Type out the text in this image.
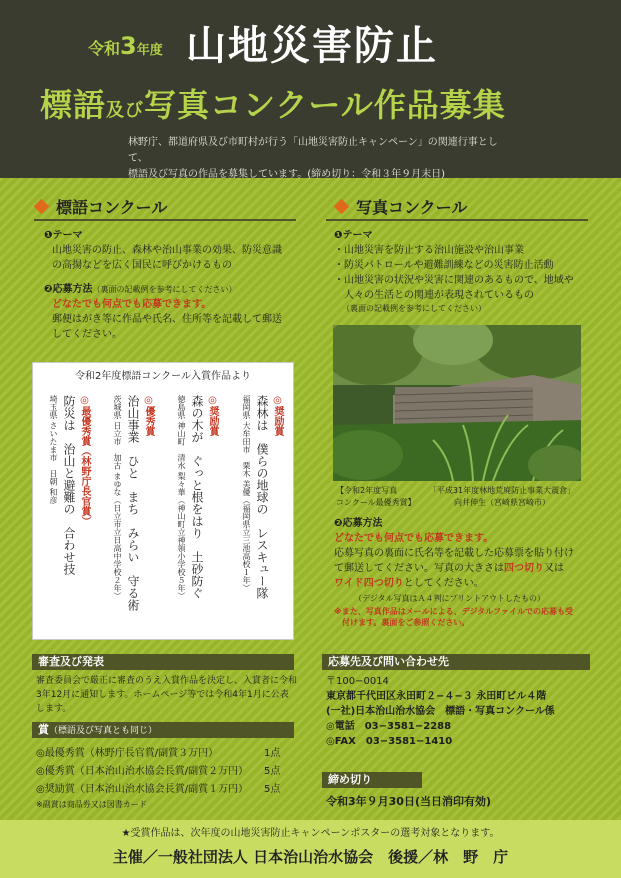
令和3年度 山地災害防止
標語及び写真コンクール作品募集
林野庁、都道府県及び市町村が行う「山地災害防止キャンペーン」の関連行事として、
標語及び写真の作品を募集しています。(締め切り：令和３年９月末日)
標語コンクール
❶テーマ
山地災害の防止、森林や治山事業の効果、防災意識
の高揚などを広く国民に呼びかけるもの
❷応募方法（裏面の記載例を参考にしてください）
どなたでも何点でも応募できます。
郵便はがき等に作品や氏名、住所等を記載して郵送
してください。
令和2年度標語コンクール入賞作品より
◎奨励賞
森林は　僕らの地球の　レスキュー隊
福岡県 大牟田市　栗木 美優（福岡県立三池高校１年）
◎奨励賞
森の木が　ぐっと根をはり　土砂防ぐ
徳島県 神山町　清水 梨々華（神山町立神領小学校５年）
◎優秀賞
治山事業　ひと　まち　みらい　守る術
茨城県 日立市　加古 まゆな（日立市立日高中学校２年）
◎最優秀賞（林野庁長官賞）
防災は　治山と避難の　合わせ技
埼玉県 さいたま市　日朝 和彦
写真コンクール
❶テーマ
・山地災害を防止する治山施設や治山事業
・防災パトロールや避難訓練などの災害防止活動
・山地災害の状況や災害に関連のあるもので、地域や
　人々の生活との関連が表現されているもの
（裏面の記載例を参考にしてください）
【令和2年度写真
コンクール最優秀賞】
「平成31年度林地荒廃防止事業大震倉」
向井伸生（宮崎県宮崎市）
❷応募方法
どなたでも何点でも応募できます。
応募写真の裏面に氏名等を記載した応募票を貼り付け
て郵送してください。写真の大きさは四つ切り又は
ワイド四つ切りとしてください。
（デジタル写真はＡ４判にプリントアウトしたもの）
※また、写真作品はメールによる、デジタルファイルでの応募も受
付けます。裏面をご参照ください。
審査及び発表
審査委員会で厳正に審査のうえ入賞作品を決定し、入賞者に令和
3年12月に通知します。ホームページ等では令和4年1月に公表
します。
賞（標語及び写真とも同じ）
◎最優秀賞（林野庁長官賞/副賞３万円）	1点
◎優秀賞（日本治山治水協会長賞/副賞２万円） 5点
◎奨励賞（日本治山治水協会長賞/副賞１万円） 5点
※副賞は商品券又は図書カード
応募先及び問い合わせ先
〒100−0014
東京都千代田区永田町２−４−３ 永田町ビル４階
(一社)日本治山治水協会　標語・写真コンクール係
◎電話　03−3581−2288
◎FAX　03−3581−1410
締め切り
令和3年９月30日(当日消印有効)
★受賞作品は、次年度の山地災害防止キャンペーンポスターの選考対象となります。
主催／一般社団法人 日本治山治水協会　後援／林　野　庁
